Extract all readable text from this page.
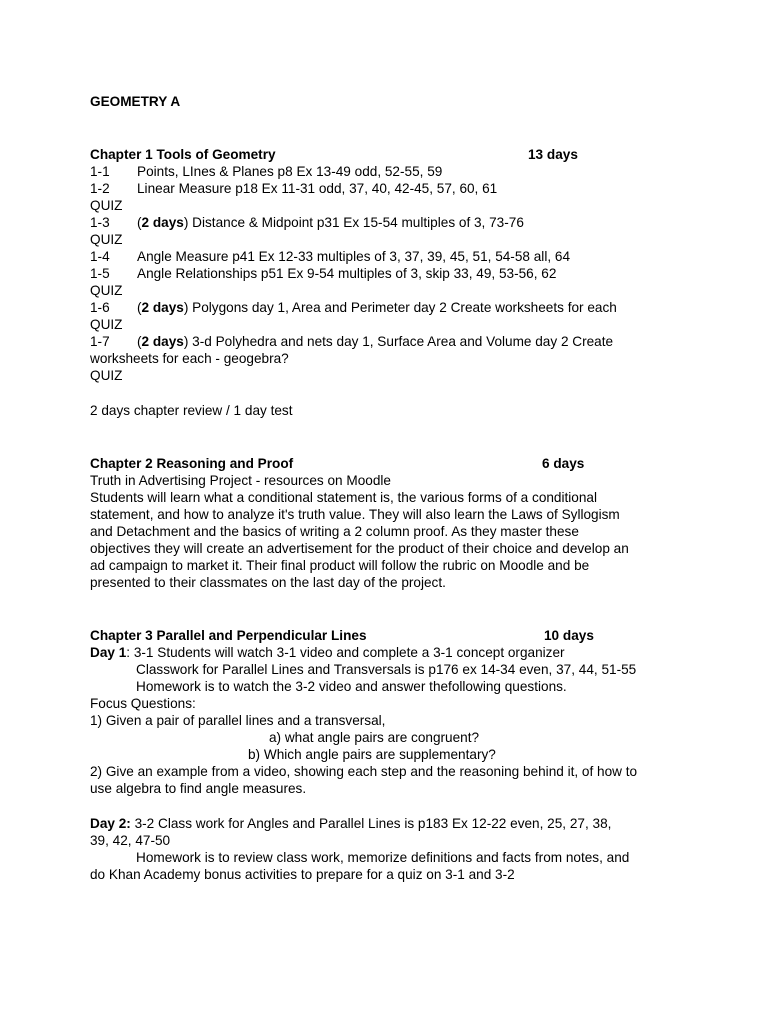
GEOMETRY A
Chapter 1 Tools of Geometry	13 days
1-1 Points, LInes & Planes p8 Ex 13-49 odd, 52-55, 59
1-2 Linear Measure p18 Ex 11-31 odd, 37, 40, 42-45, 57, 60, 61
QUIZ
1-3 (2 days) Distance & Midpoint p31 Ex 15-54 multiples of 3, 73-76
QUIZ
1-4 Angle Measure p41 Ex 12-33 multiples of 3, 37, 39, 45, 51, 54-58 all, 64
1-5 Angle Relationships p51 Ex 9-54 multiples of 3, skip 33, 49, 53-56, 62
QUIZ
1-6 (2 days) Polygons day 1, Area and Perimeter day 2 Create worksheets for each
QUIZ
1-7 (2 days) 3-d Polyhedra and nets day 1, Surface Area and Volume day 2 Create
worksheets for each - geogebra?
QUIZ
2 days chapter review / 1 day test
Chapter 2 Reasoning and Proof	6 days
Truth in Advertising Project - resources on Moodle
Students will learn what a conditional statement is, the various forms of a conditional
statement, and how to analyze it's truth value. They will also learn the Laws of Syllogism
and Detachment and the basics of writing a 2 column proof. As they master these
objectives they will create an advertisement for the product of their choice and develop an
ad campaign to market it. Their final product will follow the rubric on Moodle and be
presented to their classmates on the last day of the project.
Chapter 3 Parallel and Perpendicular Lines	10 days
Day 1: 3-1 Students will watch 3-1 video and complete a 3-1 concept organizer
Classwork for Parallel Lines and Transversals is p176 ex 14-34 even, 37, 44, 51-55
Homework is to watch the 3-2 video and answer thefollowing questions.
Focus Questions:
1) Given a pair of parallel lines and a transversal,
a) what angle pairs are congruent?
b) Which angle pairs are supplementary?
2) Give an example from a video, showing each step and the reasoning behind it, of how to
use algebra to find angle measures.
Day 2: 3-2 Class work for Angles and Parallel Lines is p183 Ex 12-22 even, 25, 27, 38,
39, 42, 47-50
Homework is to review class work, memorize definitions and facts from notes, and
do Khan Academy bonus activities to prepare for a quiz on 3-1 and 3-2
